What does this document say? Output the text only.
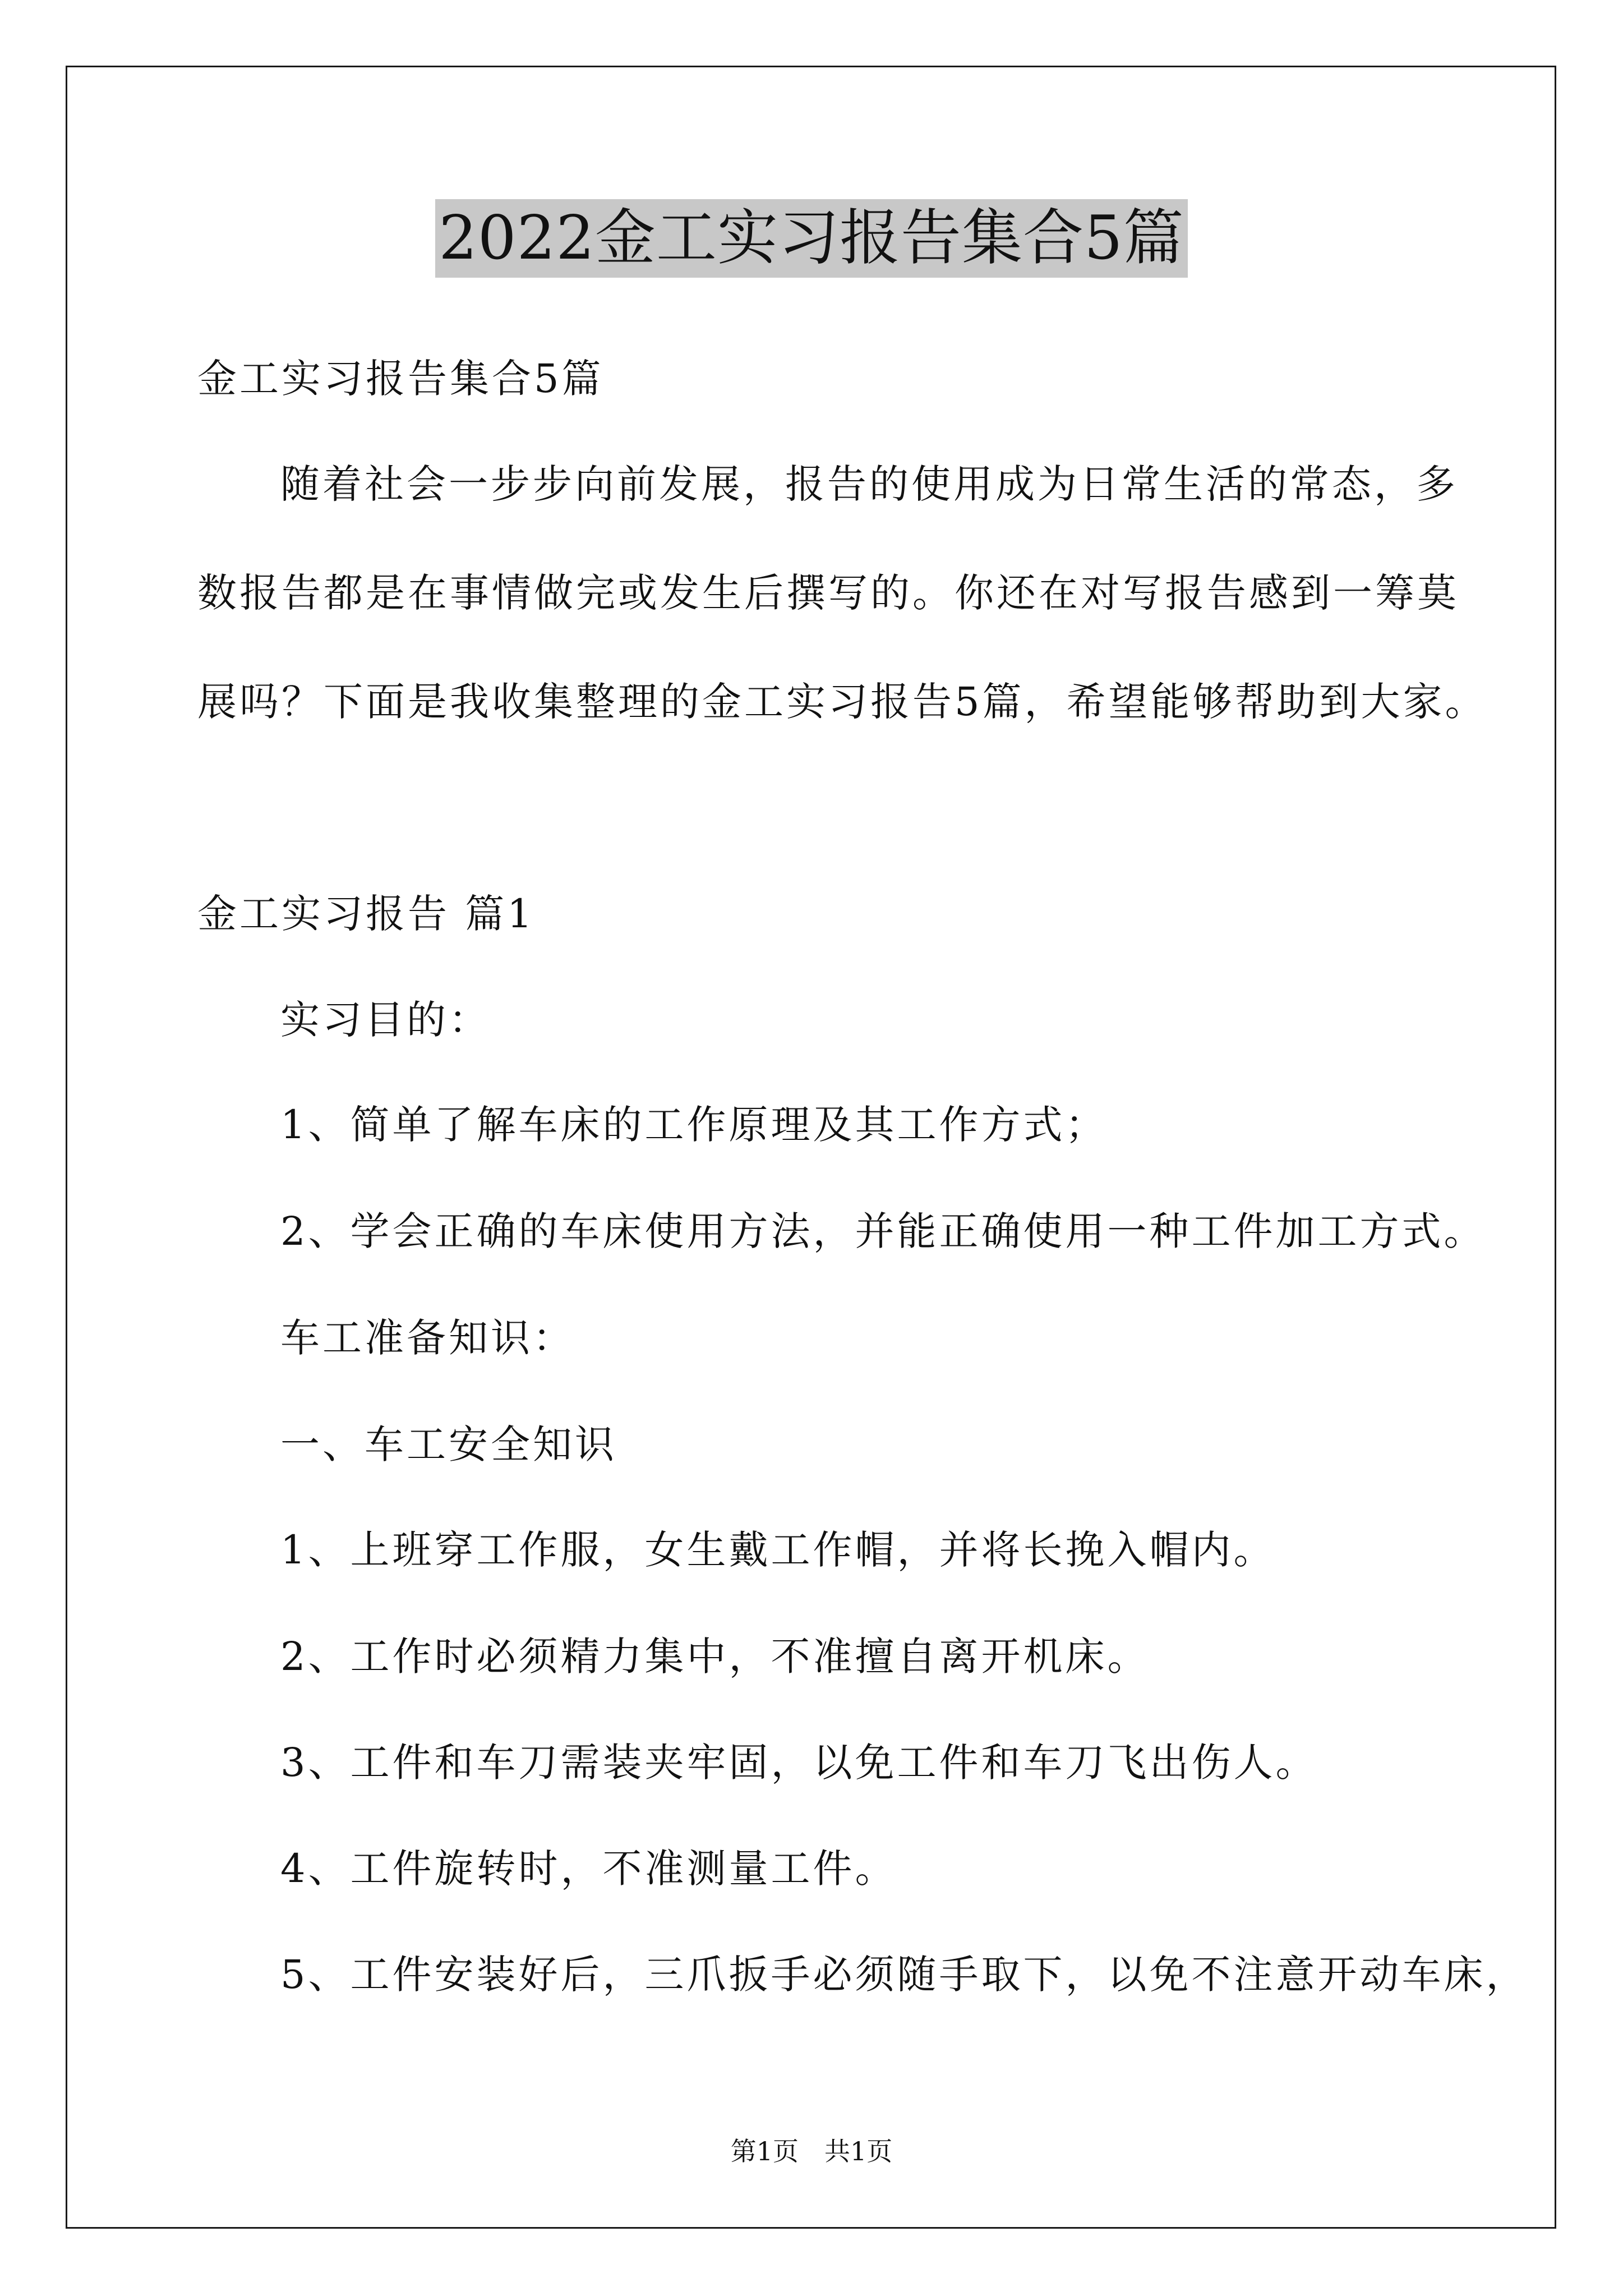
2022金工实习报告集合5篇
金工实习报告集合5篇
随着社会一步步向前发展，报告的使用成为日常生活的常态，多
数报告都是在事情做完或发生后撰写的。你还在对写报告感到一筹莫
展吗？下面是我收集整理的金工实习报告5篇，希望能够帮助到大家。
金工实习报告 篇1
实习目的：
1、简单了解车床的工作原理及其工作方式；
2、学会正确的车床使用方法，并能正确使用一种工件加工方式。
车工准备知识：
一、车工安全知识
1、上班穿工作服，女生戴工作帽，并将长挽入帽内。
2、工作时必须精力集中，不准擅自离开机床。
3、工件和车刀需装夹牢固，以免工件和车刀飞出伤人。
4、工件旋转时，不准测量工件。
5、工件安装好后，三爪扳手必须随手取下，以免不注意开动车床，
第1页　共1页
